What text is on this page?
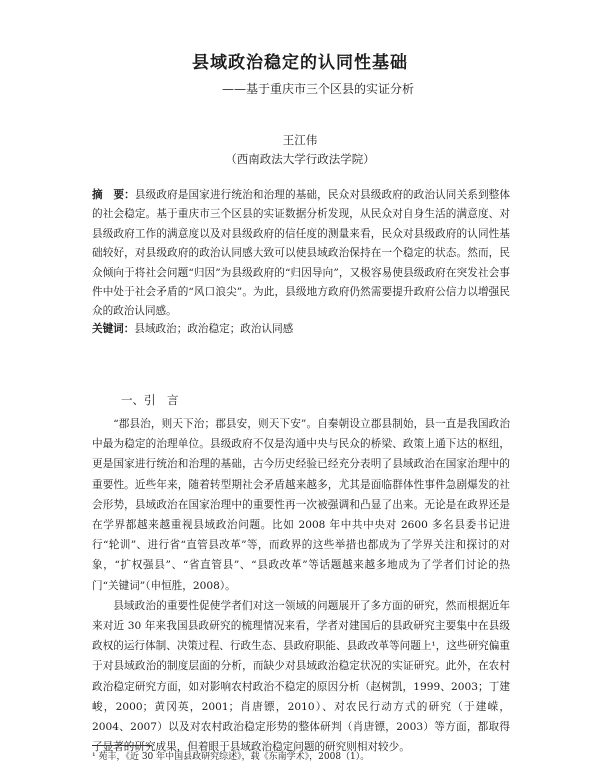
县域政治稳定的认同性基础
——基于重庆市三个区县的实证分析
王江伟
（西南政法大学行政法学院）
摘　要：县级政府是国家进行统治和治理的基础，民众对县级政府的政治认同关系到整体的社会稳定。基于重庆市三个区县的实证数据分析发现，从民众对自身生活的满意度、对县级政府工作的满意度以及对县级政府的信任度的测量来看，民众对县级政府的认同性基础较好，对县级政府的政治认同感大致可以使县域政治保持在一个稳定的状态。然而，民众倾向于将社会问题“归因”为县级政府的“归因导向”，又极容易使县级政府在突发社会事件中处于社会矛盾的“风口浪尖”。为此，县级地方政府仍然需要提升政府公信力以增强民众的政治认同感。
关键词：县域政治；政治稳定；政治认同感
一、引　言

“郡县治，则天下治；郡县安，则天下安”。自秦朝设立郡县制始，县一直是我国政治中最为稳定的治理单位。县级政府不仅是沟通中央与民众的桥梁、政策上通下达的枢纽，更是国家进行统治和治理的基础，古今历史经验已经充分表明了县域政治在国家治理中的重要性。近些年来，随着转型期社会矛盾越来越多，尤其是面临群体性事件急剧爆发的社会形势，县域政治在国家治理中的重要性再一次被强调和凸显了出来。无论是在政界还是在学界都越来越重视县域政治问题。比如 2008 年中共中央对 2600 多名县委书记进行“轮训”、进行省“直管县改革”等，而政界的这些举措也都成为了学界关注和探讨的对象，“扩权强县”、“省直管县”、“县政改革”等话题越来越多地成为了学者们讨论的热门“关键词”（申恒胜，2008）。

县域政治的重要性促使学者们对这一领域的问题展开了多方面的研究，然而根据近年来对近 30 年来我国县政研究的梳理情况来看，学者对建国后的县政研究主要集中在县级政权的运行体制、决策过程、行政生态、县政府职能、县政改革等问题上¹，这些研究偏重于对县域政治的制度层面的分析，而缺少对县域政治稳定状况的实证研究。此外，在农村政治稳定研究方面，如对影响农村政治不稳定的原因分析（赵树凯，1999、2003；丁建峻，2000；黄冈英，2001；肖唐镖，2010）、对农民行动方式的研究（于建嵘，2004、2007）以及对农村政治稳定形势的整体研判（肖唐镖，2003）等方面，都取得了显著的研究成果，但着眼于县域政治稳定问题的研究则相对较少。

¹ 苑丰，《近 30 年中国县政研究综述》，载《东南学术》，2008（1）。
